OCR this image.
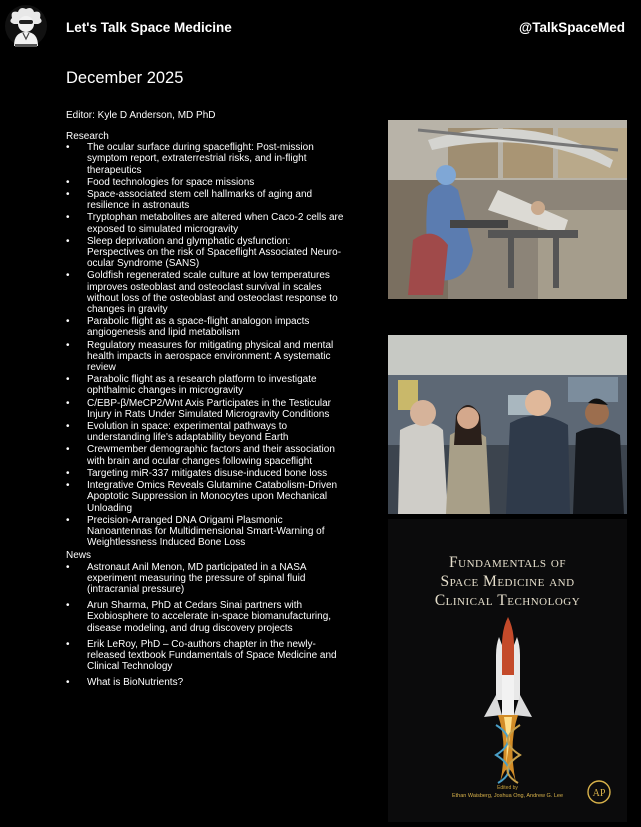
Let's Talk Space Medicine	@TalkSpaceMed
December 2025
Editor: Kyle D Anderson, MD PhD
Research
• The ocular surface during spaceflight: Post-mission symptom report, extraterrestrial risks, and in-flight therapeutics
• Food technologies for space missions
• Space-associated stem cell hallmarks of aging and resilience in astronauts
• Tryptophan metabolites are altered when Caco-2 cells are exposed to simulated microgravity
• Sleep deprivation and glymphatic dysfunction: Perspectives on the risk of Spaceflight Associated Neuro-ocular Syndrome (SANS)
• Goldfish regenerated scale culture at low temperatures improves osteoblast and osteoclast survival in scales without loss of the osteoblast and osteoclast response to changes in gravity
• Parabolic flight as a space-flight analogon impacts angiogenesis and lipid metabolism
• Regulatory measures for mitigating physical and mental health impacts in aerospace environment: A systematic review
• Parabolic flight as a research platform to investigate ophthalmic changes in microgravity
• C/EBP-β/MeCP2/Wnt Axis Participates in the Testicular Injury in Rats Under Simulated Microgravity Conditions
• Evolution in space: experimental pathways to understanding life's adaptability beyond Earth
• Crewmember demographic factors and their association with brain and ocular changes following spaceflight
• Targeting miR-337 mitigates disuse-induced bone loss
• Integrative Omics Reveals Glutamine Catabolism-Driven Apoptotic Suppression in Monocytes upon Mechanical Unloading
• Precision-Arranged DNA Origami Plasmonic Nanoantennas for Multidimensional Smart-Warning of Weightlessness Induced Bone Loss
News
• Astronaut Anil Menon, MD participated in a NASA experiment measuring the pressure of spinal fluid (intracranial pressure)
• Arun Sharma, PhD at Cedars Sinai partners with Exobiosphere to accelerate in-space biomanufacturing, disease modeling, and drug discovery projects
• Erik LeRoy, PhD – Co-authors chapter in the newly-released textbook Fundamentals of Space Medicine and Clinical Technology
• What is BioNutrients?
Fundamentals of
Space Medicine and
Clinical Technology
Edited by
Ethan Waisberg, Joshua Ong, Andrew G. Lee	AP
